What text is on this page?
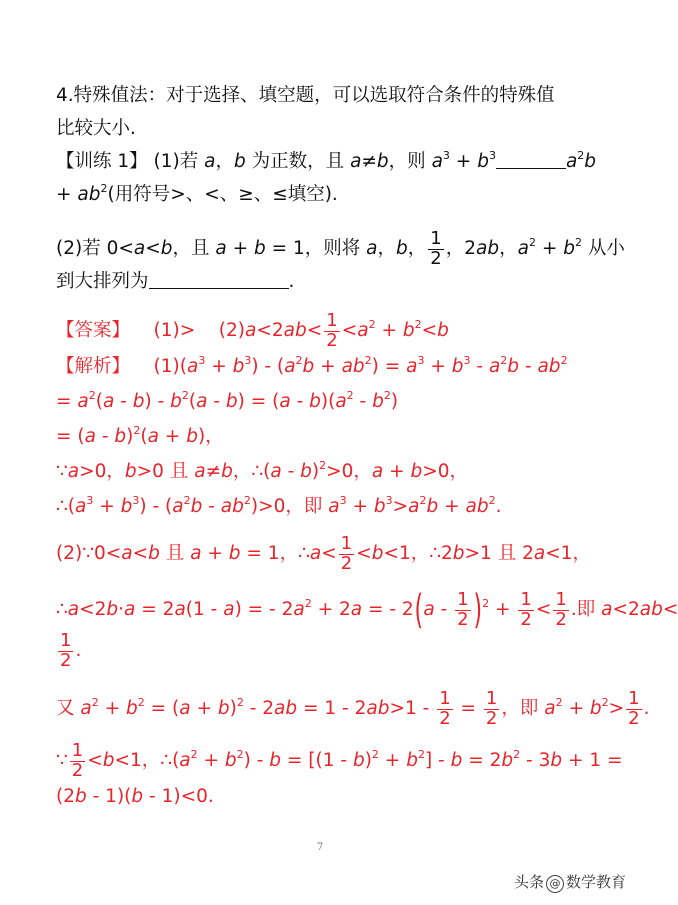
4.特殊值法：对于选择、填空题，可以选取符合条件的特殊值
比较大小.
【训练 1】 (1)若 a，b 为正数，且 a≠b，则 $a^3 + b^3$	$a^2b$
+ $ab^2$(用符号>、<、≥、≤填空).
(2)若 0<a<b，且 a + b = 1，则将 a，b， $\frac{1}{2}$ ，2ab，$a^2 + b^2$ 从小
到大排列为	.
【答案】 $(1)> (2)a<2ab< \frac{1}{2} <a^2 + b^2<b$
【解析】    $(1)(a^3 + b^3) - (a^2b + ab^2) = a^3 + b^3 - a^2b - ab^2$
= $a^2(a - b) - b^2(a - b) = (a - b)(a^2 - b^2)$
= (a - b)$^2$(a + b)，
∵a>0，b>0 且 a≠b，∴(a - b)$^2$>0，a + b>0，
$\therefore(a^3 + b^3) - (a^2b - ab^2)>0$，即 $a^3 + b^3>a^2b + ab^2$.
(2)∵0<a<b 且 a + b = 1，∴a< $\frac{1}{2} <b<1$，∴2b>1 且 2a<1，
∴a<2b·a = 2a(1 - a) = - $2a^2 + 2a$ = - $2(a - \frac{1}{2} )^2 + \frac{1}{2} < \frac{1}{2}$ .即 a<2ab<
$\frac{1}{2}$ .
又 $a^2 + b^2 = (a + b)^2 - 2ab = 1 - 2ab>1 - \frac{1}{2} = \frac{1}{2}$ ，即 $a^2 + b^2> \frac{1}{2}$ .
∵ $\frac{1}{2} <b<1$，$\therefore(a^2 + b^2) - b = [(1 - b)^2 + b^2] - b = 2b^2 - 3b + 1$ =
(2b - 1)(b - 1)<0.
7
头条 @ 数学教育
